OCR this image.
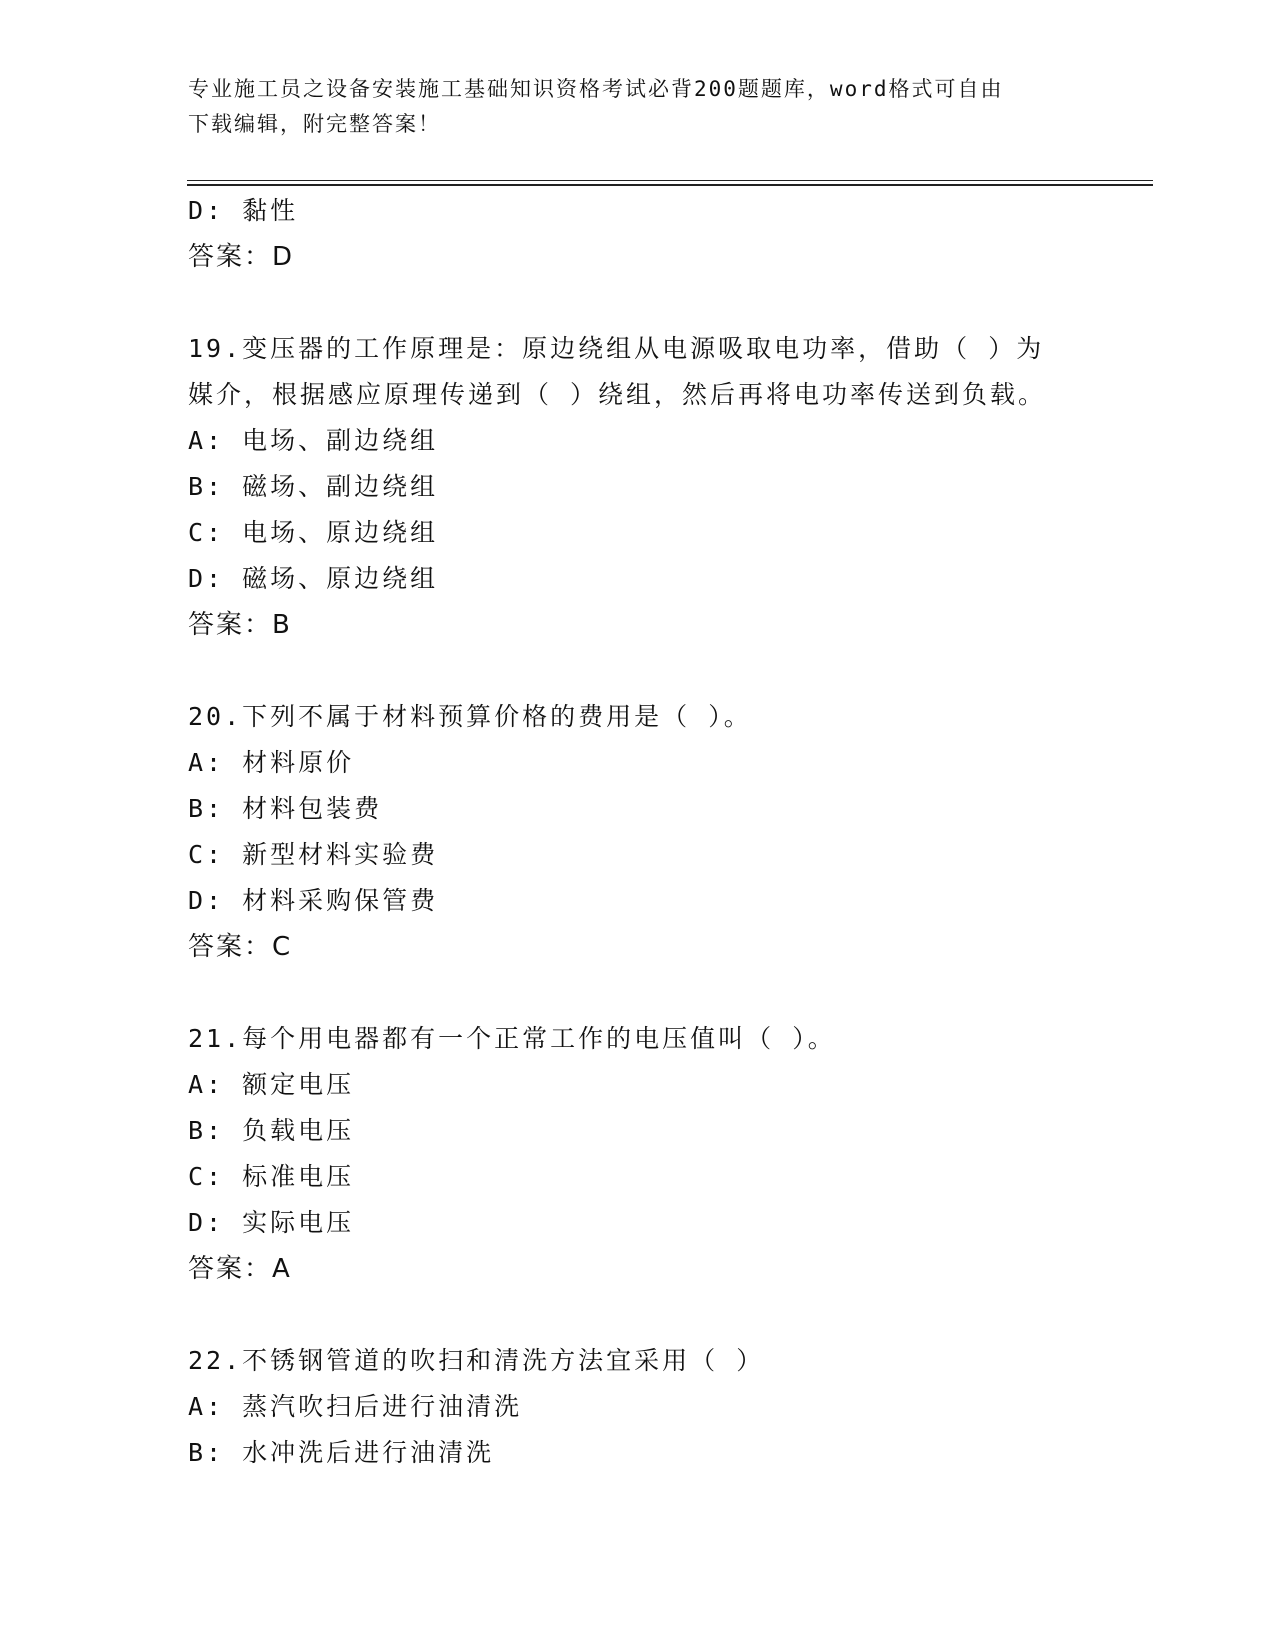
专业施工员之设备安装施工基础知识资格考试必背200题题库，word格式可自由
下载编辑，附完整答案！
D: 黏性
答案：D
19.变压器的工作原理是：原边绕组从电源吸取电功率，借助（ ）为
媒介，根据感应原理传递到（ ）绕组，然后再将电功率传送到负载。
A: 电场、副边绕组
B: 磁场、副边绕组
C: 电场、原边绕组
D: 磁场、原边绕组
答案：B
20.下列不属于材料预算价格的费用是（ ）。
A: 材料原价
B: 材料包装费
C: 新型材料实验费
D: 材料采购保管费
答案：C
21.每个用电器都有一个正常工作的电压值叫（ ）。
A: 额定电压
B: 负载电压
C: 标准电压
D: 实际电压
答案：A
22.不锈钢管道的吹扫和清洗方法宜采用（ ）
A: 蒸汽吹扫后进行油清洗
B: 水冲洗后进行油清洗
